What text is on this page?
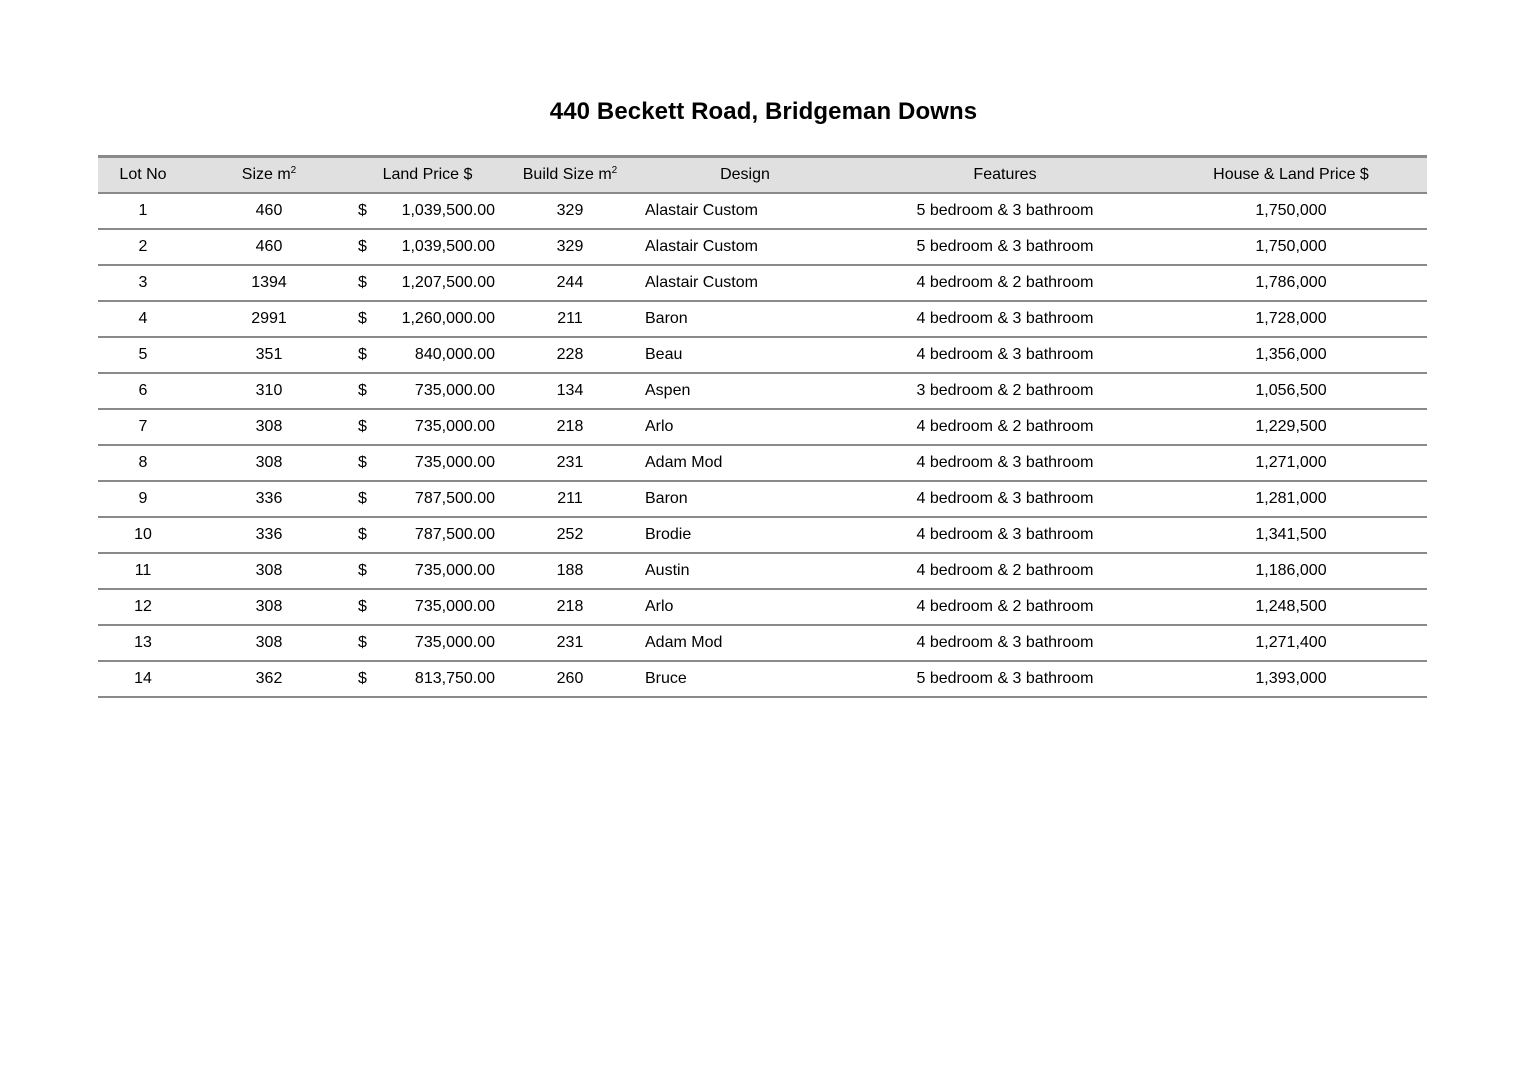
440 Beckett Road, Bridgeman Downs
Lot No	Size $m^2$	Land Price $		Build Size $m^2$	Design	Features	House & Land Price $
1	460	$	1,039,500.00	329	Alastair Custom	5 bedroom & 3 bathroom	1,750,000
2	460	$	1,039,500.00	329	Alastair Custom	5 bedroom & 3 bathroom	1,750,000
3	1394	$	1,207,500.00	244	Alastair Custom	4 bedroom & 2 bathroom	1,786,000
4	2991	$	1,260,000.00	211	Baron	4 bedroom & 3 bathroom	1,728,000
5	351	$	840,000.00	228	Beau	4 bedroom & 3 bathroom	1,356,000
6	310	$	735,000.00	134	Aspen	3 bedroom & 2 bathroom	1,056,500
7	308	$	735,000.00	218	Arlo	4 bedroom & 2 bathroom	1,229,500
8	308	$	735,000.00	231	Adam Mod	4 bedroom & 3 bathroom	1,271,000
9	336	$	787,500.00	211	Baron	4 bedroom & 3 bathroom	1,281,000
10	336	$	787,500.00	252	Brodie	4 bedroom & 3 bathroom	1,341,500
11	308	$	735,000.00	188	Austin	4 bedroom & 2 bathroom	1,186,000
12	308	$	735,000.00	218	Arlo	4 bedroom & 2 bathroom	1,248,500
13	308	$	735,000.00	231	Adam Mod	4 bedroom & 3 bathroom	1,271,400
14	362	$	813,750.00	260	Bruce	5 bedroom & 3 bathroom	1,393,000
